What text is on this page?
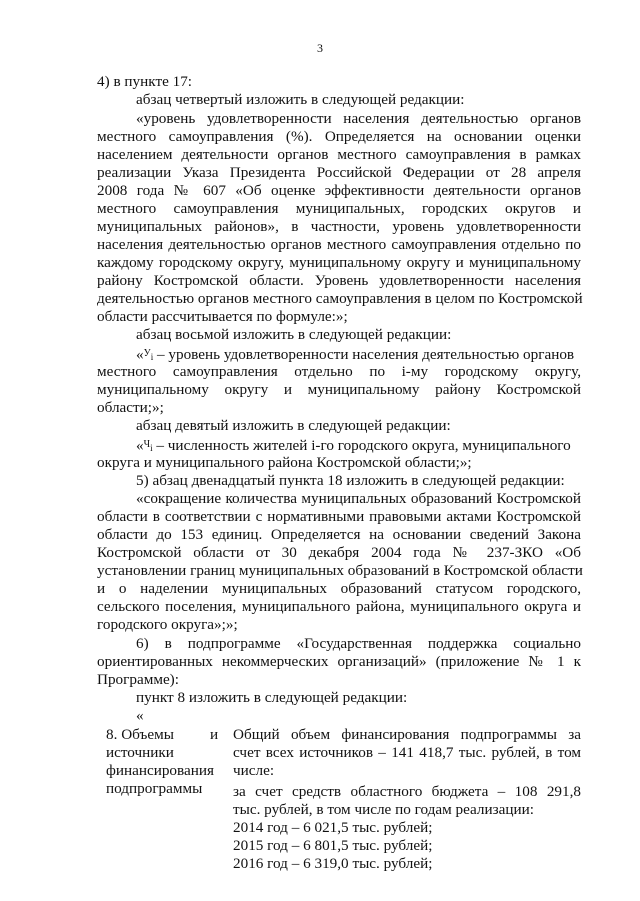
3
4) в пункте 17:
абзац четвертый изложить в следующей редакции:
«уровень удовлетворенности населения деятельностью органов
местного самоуправления (%). Определяется на основании оценки
населением деятельности органов местного самоуправления в рамках
реализации Указа Президента Российской Федерации от 28 апреля
2008 года № 607 «Об оценке эффективности деятельности органов
местного самоуправления муниципальных, городских округов и
муниципальных районов», в частности, уровень удовлетворенности
населения деятельностью органов местного самоуправления отдельно по
каждому городскому округу, муниципальному округу и муниципальному
району Костромской области. Уровень удовлетворенности населения
деятельностью органов местного самоуправления в целом по Костромской
области рассчитывается по формуле:»;
абзац восьмой изложить в следующей редакции:
«Уi – уровень удовлетворенности населения деятельностью органов
местного самоуправления отдельно по i-му городскому округу,
муниципальному округу и муниципальному району Костромской
области;»;
абзац девятый изложить в следующей редакции:
«Чi – численность жителей i-го городского округа, муниципального
округа и муниципального района Костромской области;»;
5) абзац двенадцатый пункта 18 изложить в следующей редакции:
«сокращение количества муниципальных образований Костромской
области в соответствии с нормативными правовыми актами Костромской
области до 153 единиц. Определяется на основании сведений Закона
Костромской области от 30 декабря 2004 года № 237-ЗКО «Об
установлении границ муниципальных образований в Костромской области
и о наделении муниципальных образований статусом городского,
сельского поселения, муниципального района, муниципального округа и
городского округа»;»;
6) в подпрограмме «Государственная поддержка социально
ориентированных некоммерческих организаций» (приложение № 1 к
Программе):
пункт 8 изложить в следующей редакции:
«
8. Объемы и
источники
финансирования
подпрограммы
Общий объем финансирования подпрограммы за
счет всех источников – 141 418,7 тыс. рублей, в том
числе:
за счет средств областного бюджета – 108 291,8
тыс. рублей, в том числе по годам реализации:
2014 год – 6 021,5 тыс. рублей;
2015 год – 6 801,5 тыс. рублей;
2016 год – 6 319,0 тыс. рублей;
